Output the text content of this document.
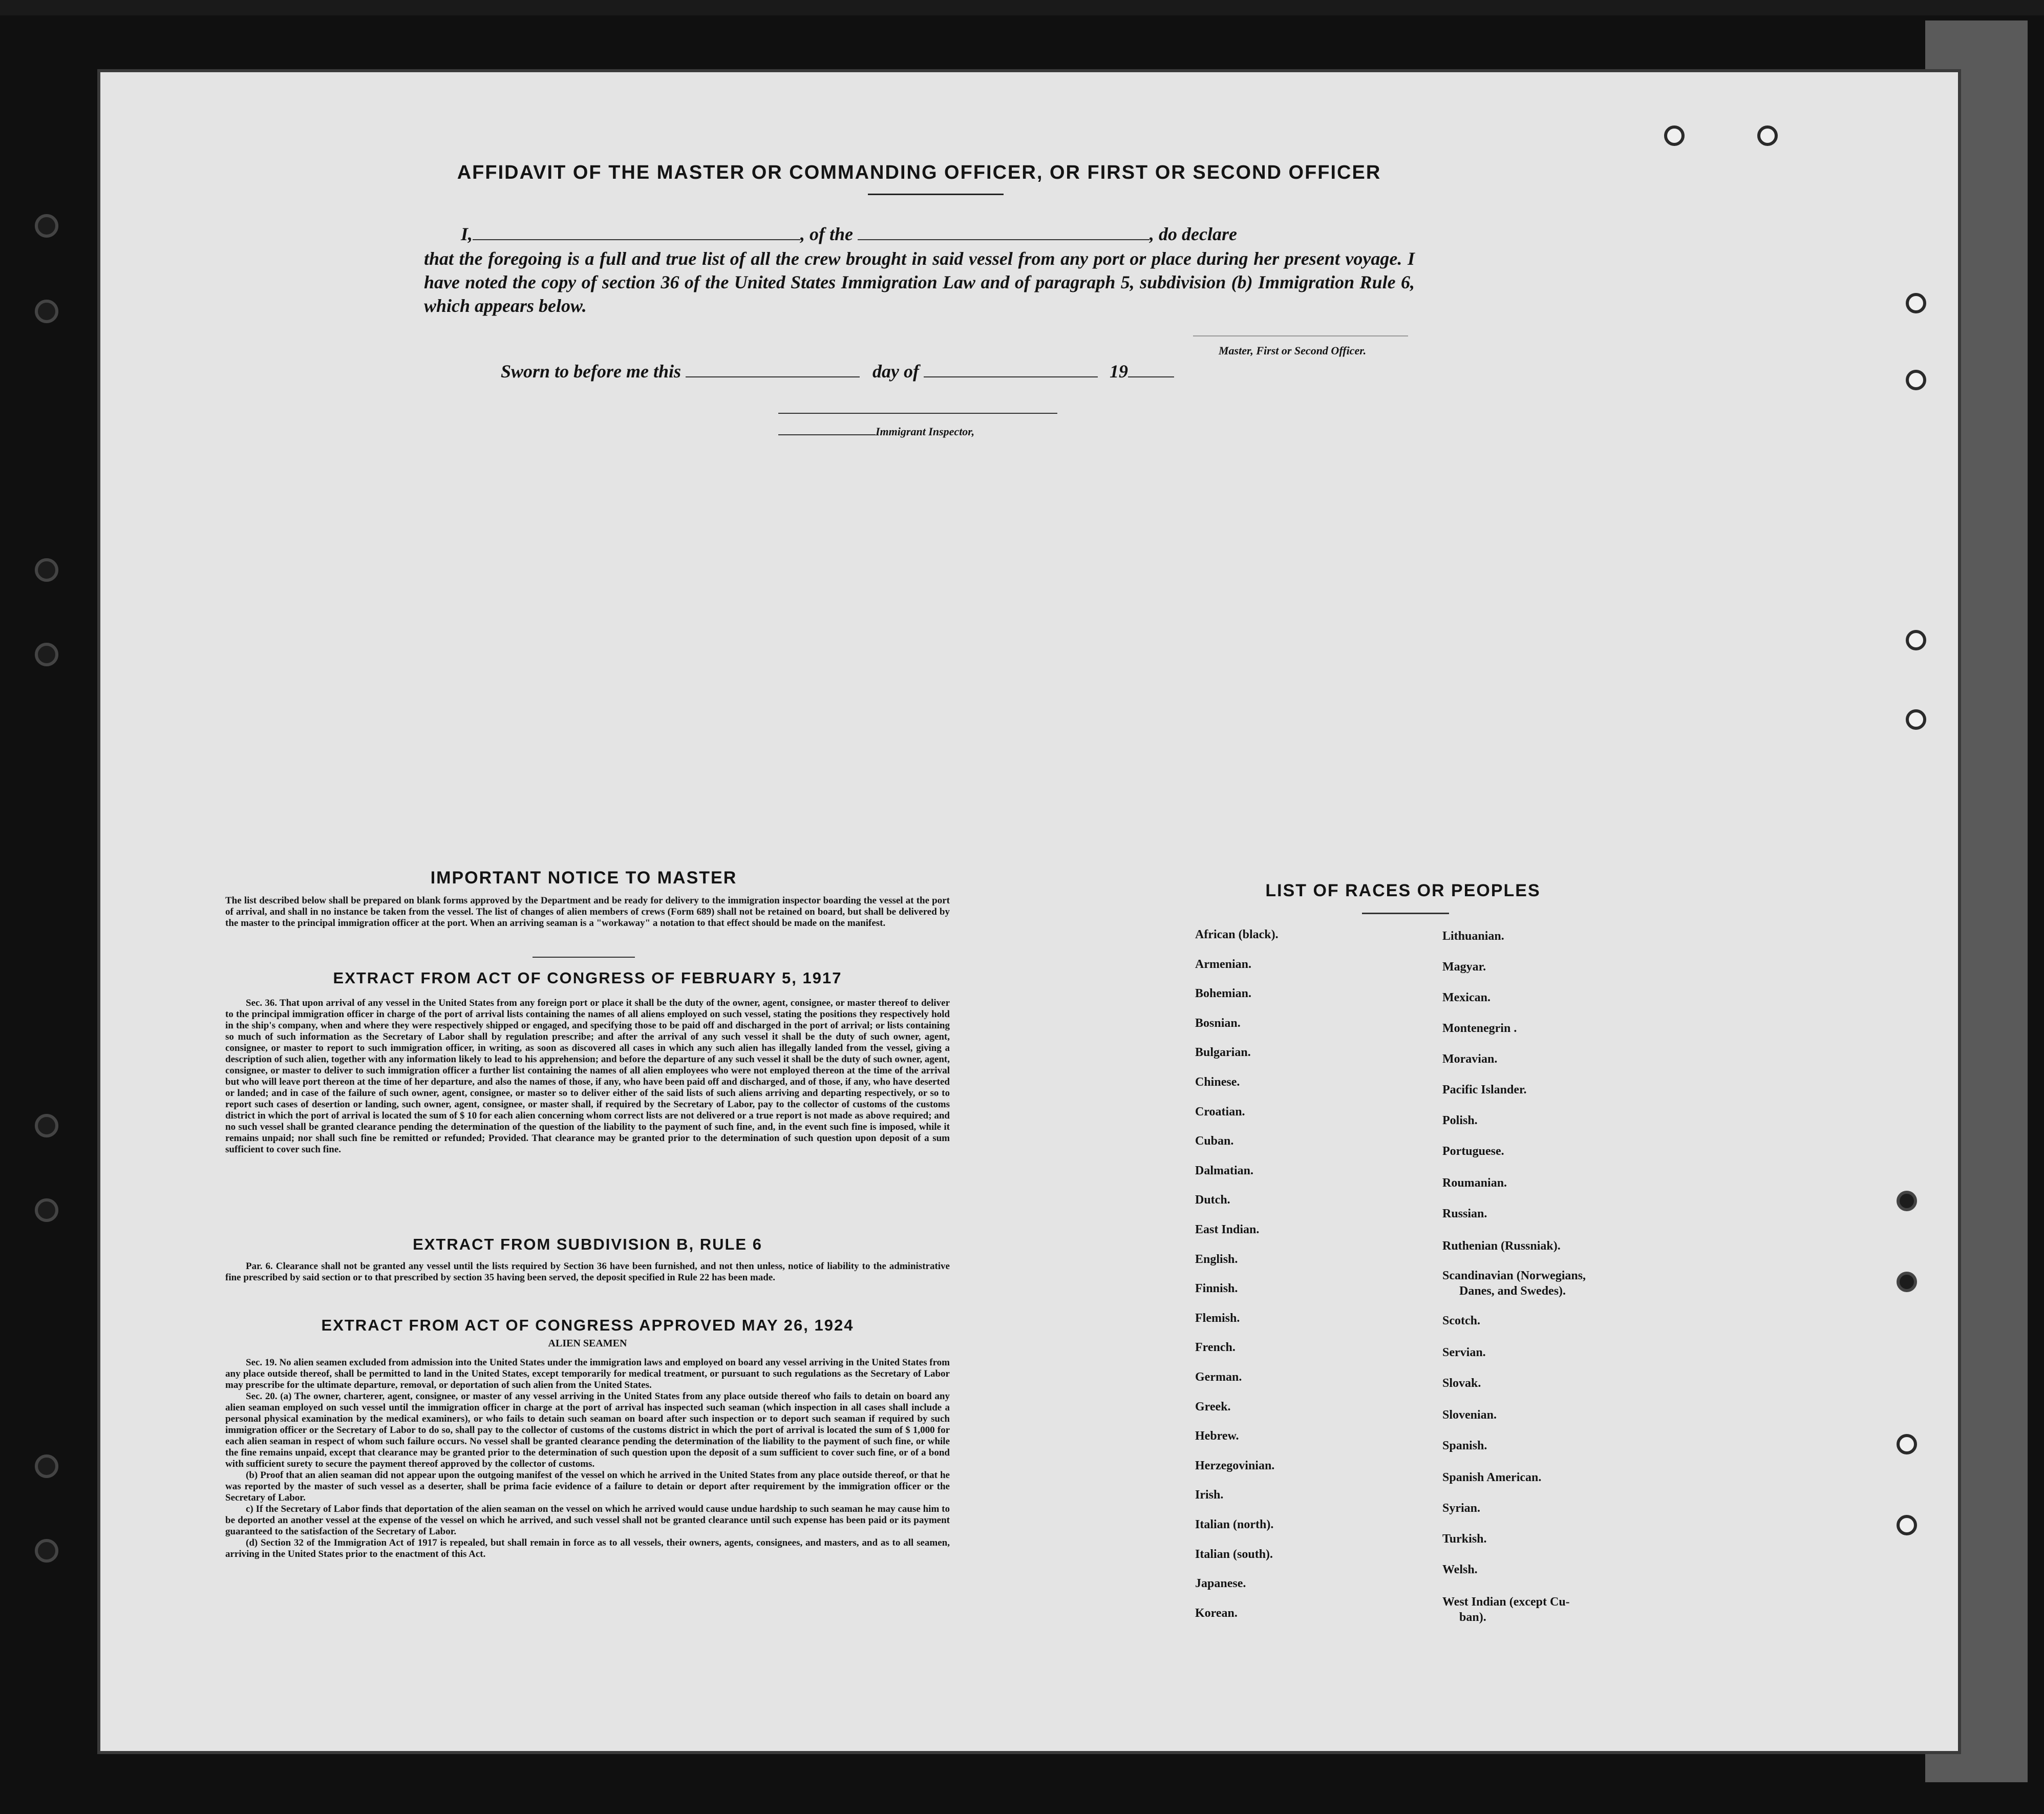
AFFIDAVIT OF THE MASTER OR COMMANDING OFFICER, OR FIRST OR SECOND OFFICER
I,	, of the	, do declare
that the foregoing is a full and true list of all the crew brought in said vessel from any port or place during her present voyage. I have noted the copy of section 36 of the United States Immigration Law and of paragraph 5, subdivision (b) Immigration Rule 6, which appears below.
Master, First or Second Officer.
Sworn to before me this	day of	19
Immigrant Inspector,
IMPORTANT NOTICE TO MASTER
The list described below shall be prepared on blank forms approved by the Department and be ready for delivery to the immigration inspector boarding the vessel at the port of arrival, and shall in no instance be taken from the vessel. The list of changes of alien members of crews (Form 689) shall not be retained on board, but shall be delivered by the master to the principal immigration officer at the port. When an arriving seaman is a "workaway" a notation to that effect should be made on the manifest.
EXTRACT FROM ACT OF CONGRESS OF FEBRUARY 5, 1917
Sec. 36. That upon arrival of any vessel in the United States from any foreign port or place it shall be the duty of the owner, agent, consignee, or master thereof to deliver to the principal immigration officer in charge of the port of arrival lists containing the names of all aliens employed on such vessel, stating the positions they respectively hold in the ship's company, when and where they were respectively shipped or engaged, and specifying those to be paid off and discharged in the port of arrival; or lists containing so much of such information as the Secretary of Labor shall by regulation prescribe; and after the arrival of any such vessel it shall be the duty of such owner, agent, consignee, or master to report to such immigration officer, in writing, as soon as discovered all cases in which any such alien has illegally landed from the vessel, giving a description of such alien, together with any information likely to lead to his apprehension; and before the departure of any such vessel it shall be the duty of such owner, agent, consignee, or master to deliver to such immigration officer a further list containing the names of all alien employees who were not employed thereon at the time of the arrival but who will leave port thereon at the time of her departure, and also the names of those, if any, who have been paid off and discharged, and of those, if any, who have deserted or landed; and in case of the failure of such owner, agent, consignee, or master so to deliver either of the said lists of such aliens arriving and departing respectively, or so to report such cases of desertion or landing, such owner, agent, consignee, or master shall, if required by the Secretary of Labor, pay to the collector of customs of the customs district in which the port of arrival is located the sum of $ 10 for each alien concerning whom correct lists are not delivered or a true report is not made as above required; and no such vessel shall be granted clearance pending the determination of the question of the liability to the payment of such fine, and, in the event such fine is imposed, while it remains unpaid; nor shall such fine be remitted or refunded; Provided. That clearance may be granted prior to the determination of such question upon deposit of a sum sufficient to cover such fine.
EXTRACT FROM SUBDIVISION B, RULE 6
Par. 6. Clearance shall not be granted any vessel until the lists required by Section 36 have been furnished, and not then unless, notice of liability to the administrative fine prescribed by said section or to that prescribed by section 35 having been served, the deposit specified in Rule 22 has been made.
EXTRACT FROM ACT OF CONGRESS APPROVED MAY 26, 1924
ALIEN SEAMEN
Sec. 19. No alien seamen excluded from admission into the United States under the immigration laws and employed on board any vessel arriving in the United States from any place outside thereof, shall be permitted to land in the United States, except temporarily for medical treatment, or pursuant to such regulations as the Secretary of Labor may prescribe for the ultimate departure, removal, or deportation of such alien from the United States.
Sec. 20. (a) The owner, charterer, agent, consignee, or master of any vessel arriving in the United States from any place outside thereof who fails to detain on board any alien seaman employed on such vessel until the immigration officer in charge at the port of arrival has inspected such seaman (which inspection in all cases shall include a personal physical examination by the medical examiners), or who fails to detain such seaman on board after such inspection or to deport such seaman if required by such immigration officer or the Secretary of Labor to do so, shall pay to the collector of customs of the customs district in which the port of arrival is located the sum of $ 1,000 for each alien seaman in respect of whom such failure occurs. No vessel shall be granted clearance pending the determination of the liability to the payment of such fine, or while the fine remains unpaid, except that clearance may be granted prior to the determination of such question upon the deposit of a sum sufficient to cover such fine, or of a bond with sufficient surety to secure the payment thereof approved by the collector of customs.
(b) Proof that an alien seaman did not appear upon the outgoing manifest of the vessel on which he arrived in the United States from any place outside thereof, or that he was reported by the master of such vessel as a deserter, shall be prima facie evidence of a failure to detain or deport after requirement by the immigration officer or the Secretary of Labor.
c) If the Secretary of Labor finds that deportation of the alien seaman on the vessel on which he arrived would cause undue hardship to such seaman he may cause him to be deported an another vessel at the expense of the vessel on which he arrived, and such vessel shall not be granted clearance until such expense has been paid or its payment guaranteed to the satisfaction of the Secretary of Labor.
(d) Section 32 of the Immigration Act of 1917 is repealed, but shall remain in force as to all vessels, their owners, agents, consignees, and masters, and as to all seamen, arriving in the United States prior to the enactment of this Act.
LIST OF RACES OR PEOPLES
African (black).
Armenian.
Bohemian.
Bosnian.
Bulgarian.
Chinese.
Croatian.
Cuban.
Dalmatian.
Dutch.
East Indian.
English.
Finnish.
Flemish.
French.
German.
Greek.
Hebrew.
Herzegovinian.
Irish.
Italian (north).
Italian (south).
Japanese.
Korean.
Lithuanian.
Magyar.
Mexican.
Montenegrin .
Moravian.
Pacific Islander.
Polish.
Portuguese.
Roumanian.
Russian.
Ruthenian (Russniak).
Scandinavian (Norwegians,
Danes, and Swedes).
Scotch.
Servian.
Slovak.
Slovenian.
Spanish.
Spanish American.
Syrian.
Turkish.
Welsh.
West Indian (except Cu-
ban).
